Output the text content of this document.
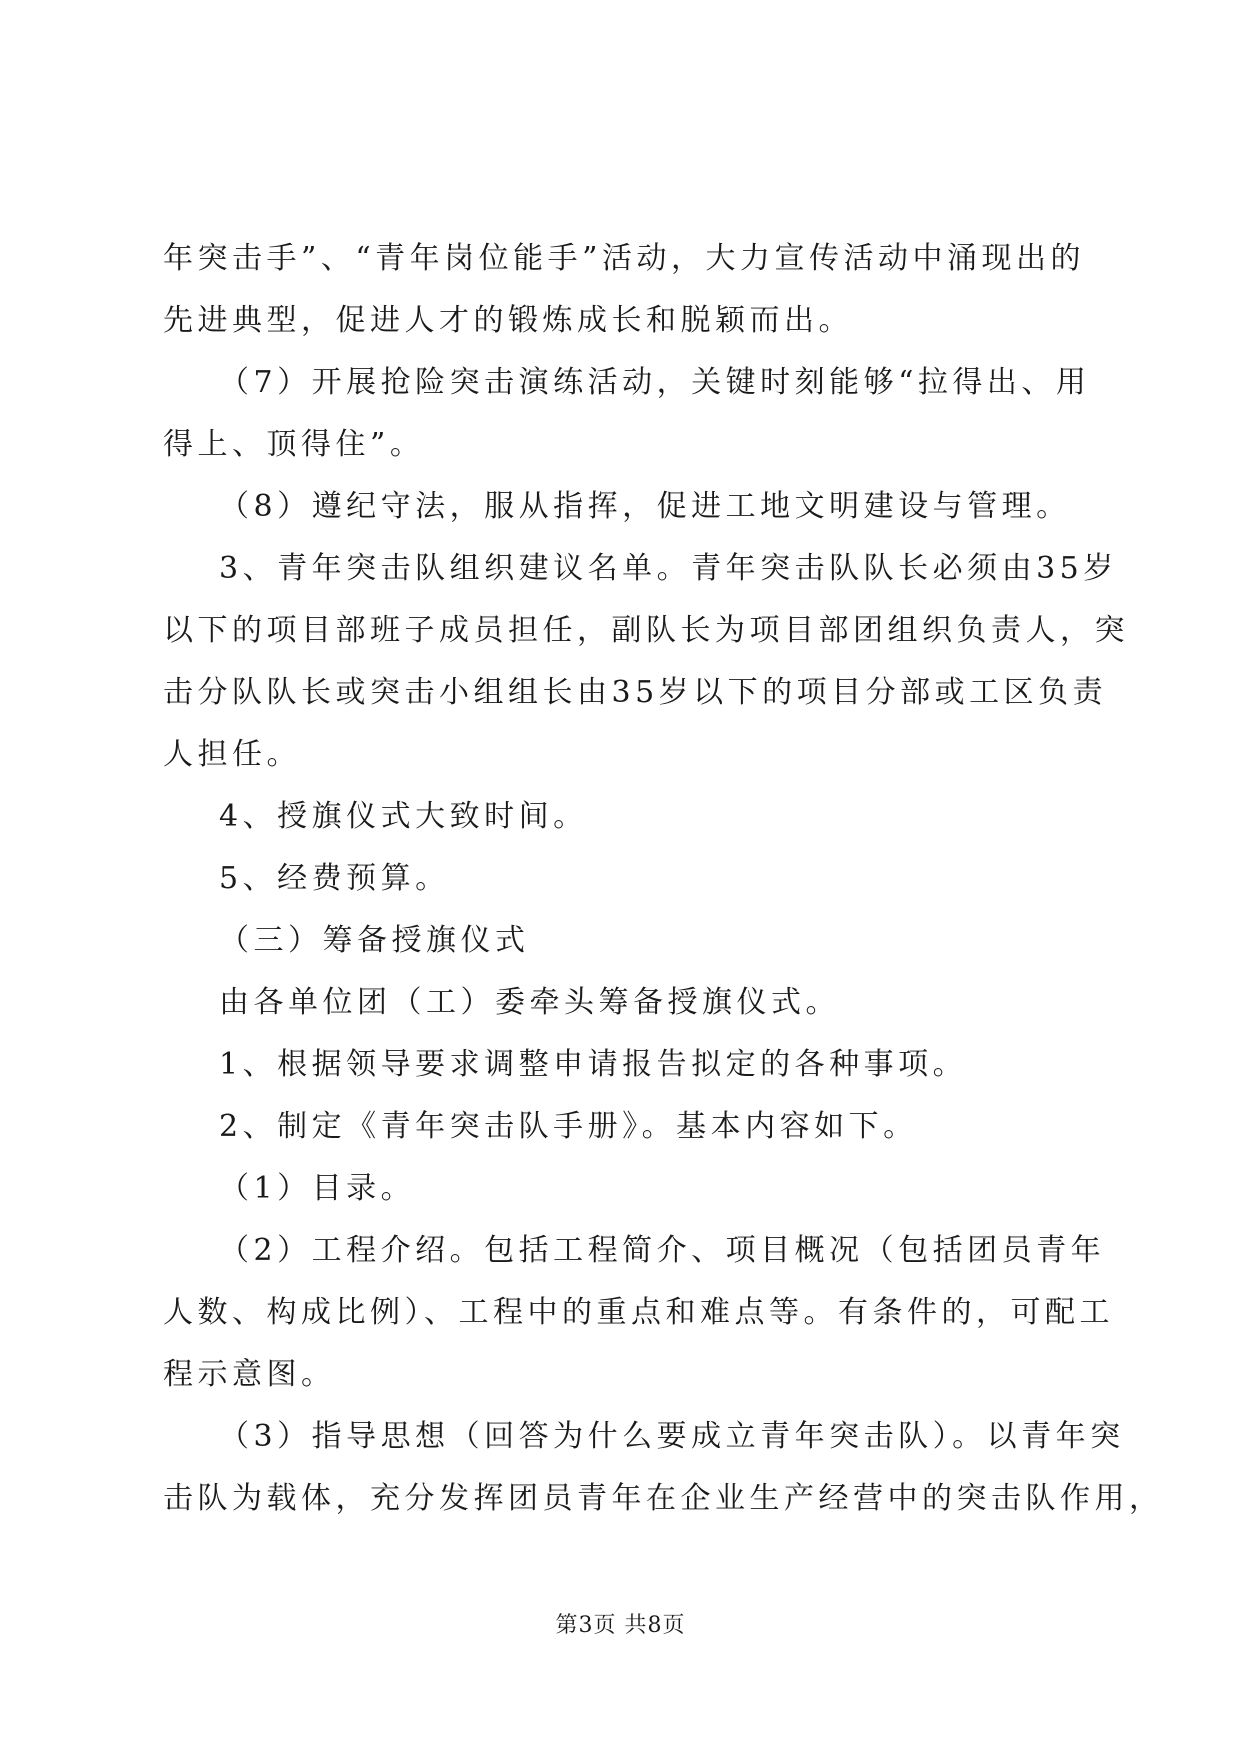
年突击手”、“青年岗位能手”活动，大力宣传活动中涌现出的
先进典型，促进人才的锻炼成长和脱颖而出。
（7）开展抢险突击演练活动，关键时刻能够“拉得出、用
得上、顶得住”。
（8）遵纪守法，服从指挥，促进工地文明建设与管理。
3、青年突击队组织建议名单。青年突击队队长必须由35岁
以下的项目部班子成员担任，副队长为项目部团组织负责人，突
击分队队长或突击小组组长由35岁以下的项目分部或工区负责
人担任。
4、授旗仪式大致时间。
5、经费预算。
（三）筹备授旗仪式
由各单位团（工）委牵头筹备授旗仪式。
1、根据领导要求调整申请报告拟定的各种事项。
2、制定《青年突击队手册》。基本内容如下。
（1）目录。
（2）工程介绍。包括工程简介、项目概况（包括团员青年
人数、构成比例）、工程中的重点和难点等。有条件的，可配工
程示意图。
（3）指导思想（回答为什么要成立青年突击队）。以青年突
击队为载体，充分发挥团员青年在企业生产经营中的突击队作用，
第3页 共8页
